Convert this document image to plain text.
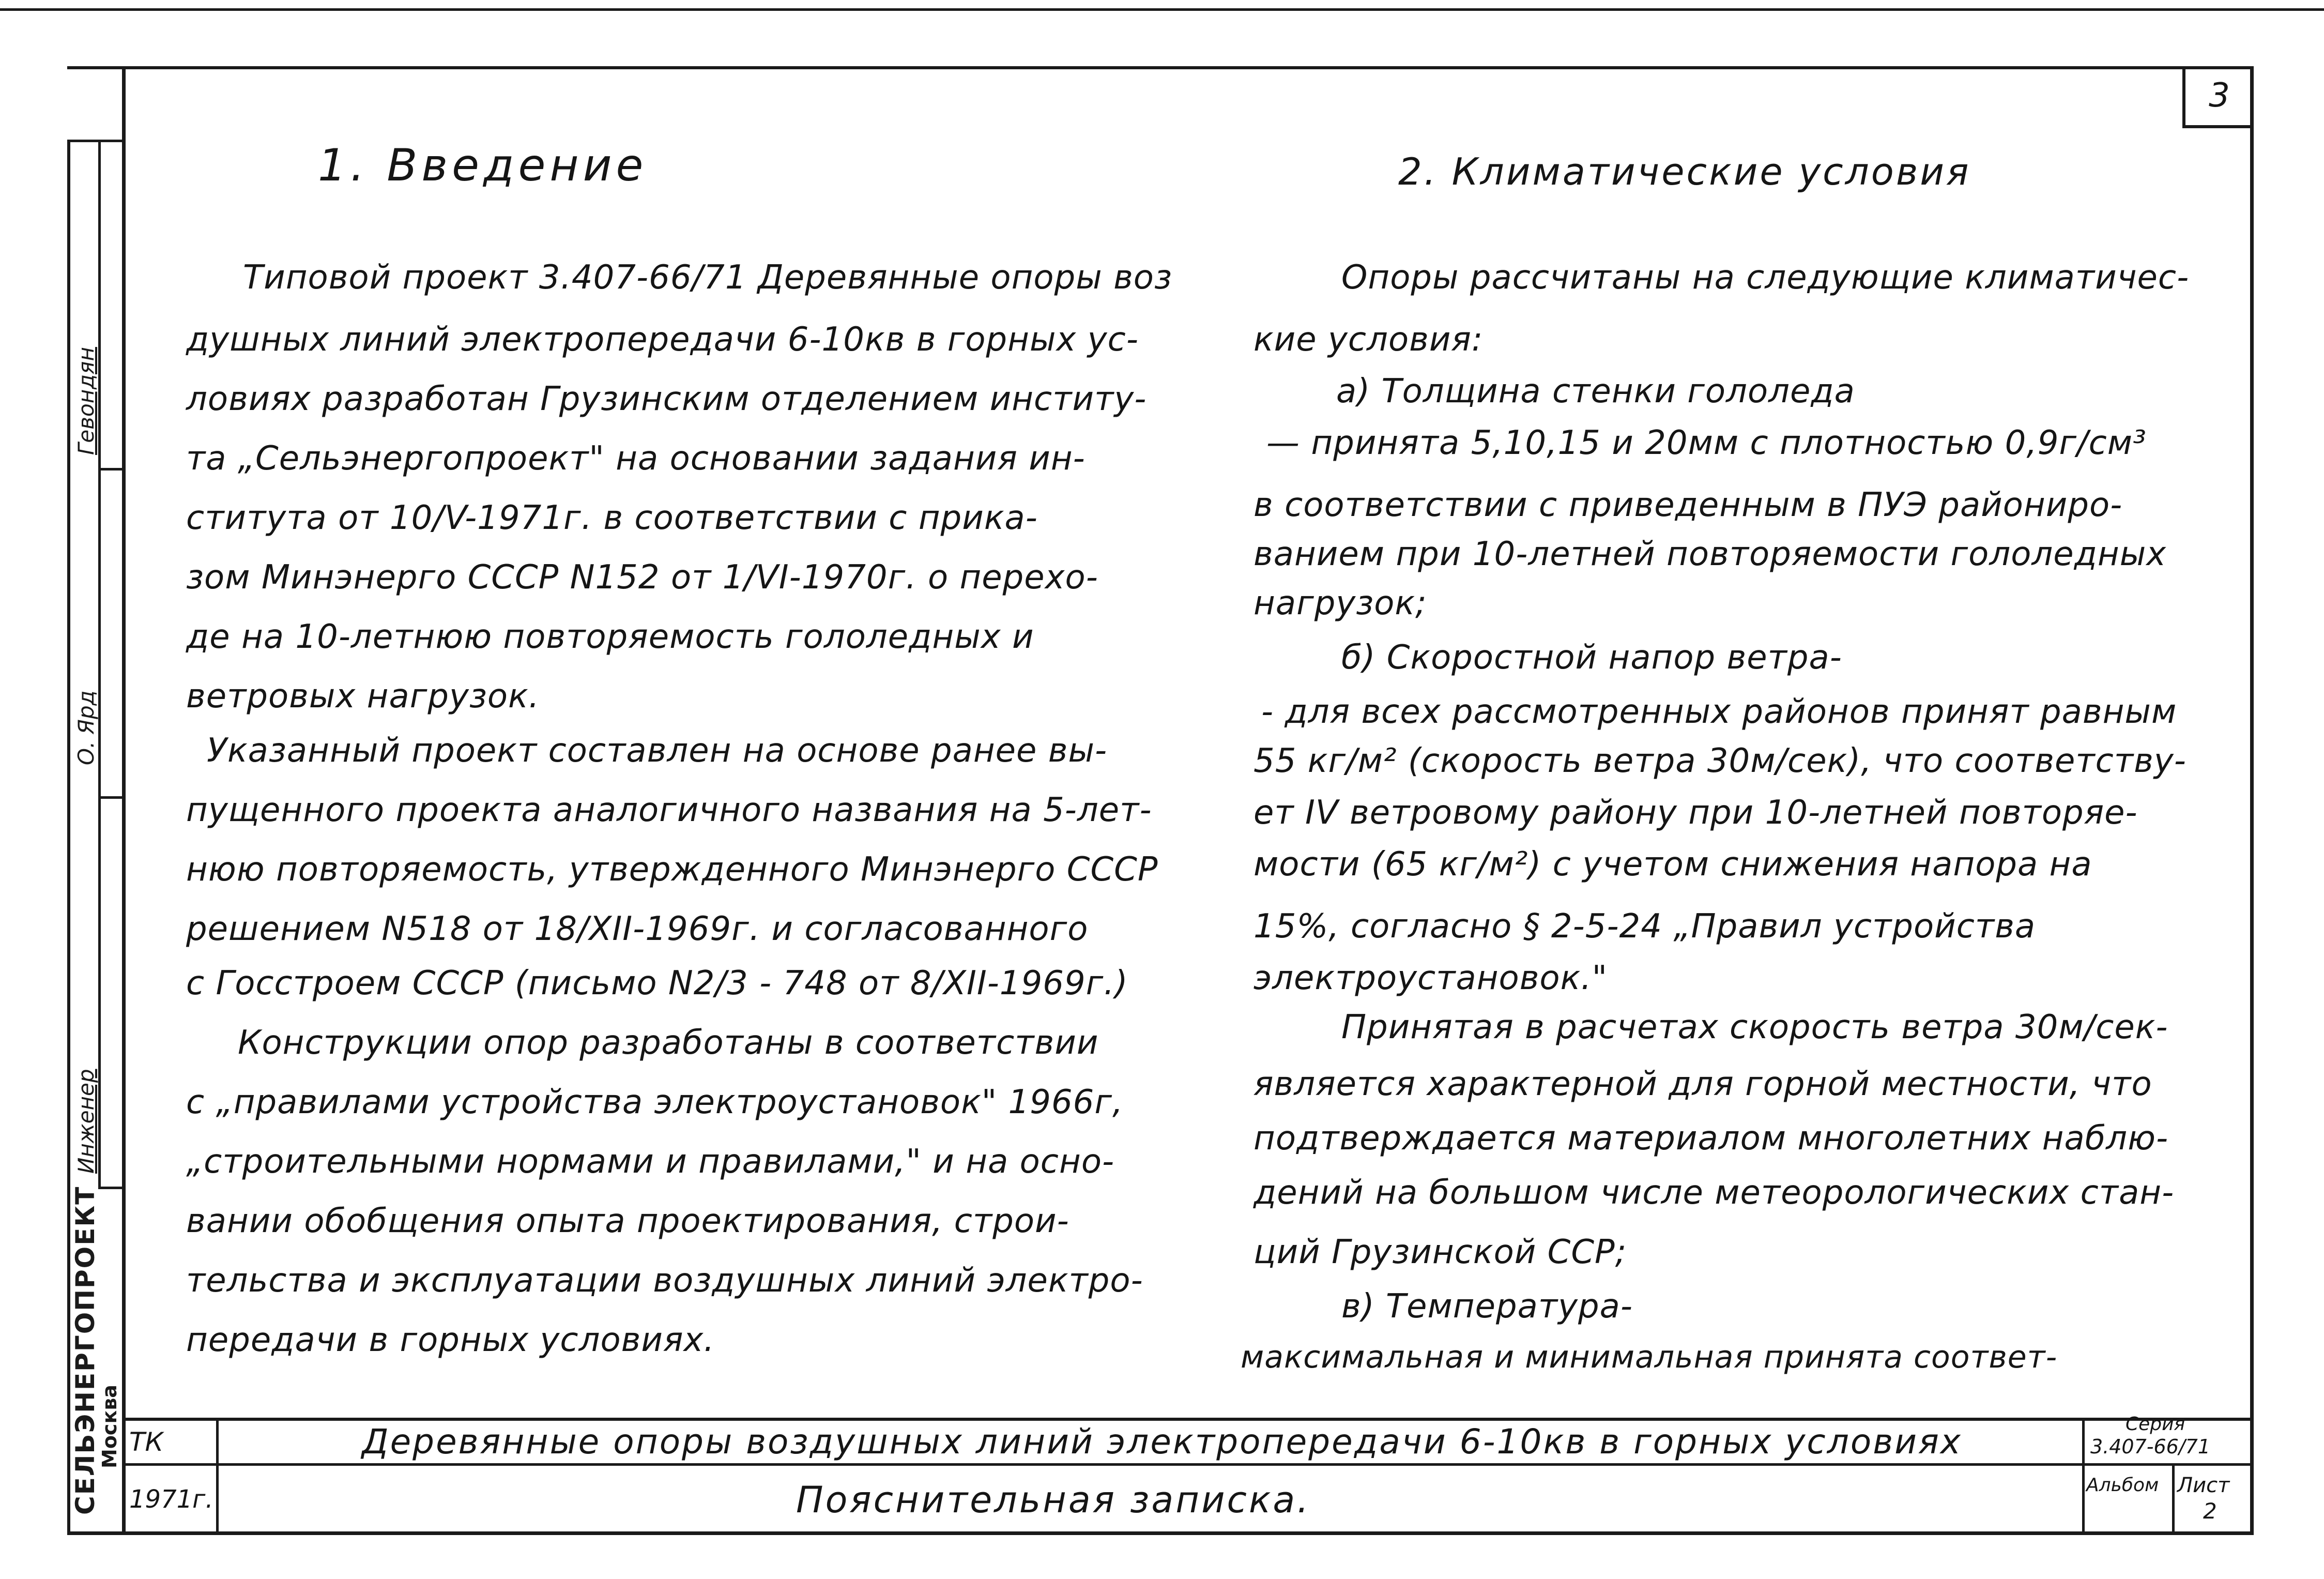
Гевондян
О. Ярд
Инженер
СЕЛЬЭНЕРГОПРОЕКТ
Москва
3
1. Введение	2. Климатические условия
Типовой проект 3.407-66/71 Деревянные опоры воз
душных линий электропередачи 6-10кв в горных ус-
ловиях разработан Грузинским отделением институ-
та „Сельэнергопроект" на основании задания ин-
ститута от 10/V-1971г. в соответствии с прика-
зом Минэнерго СССР N152 от 1/VI-1970г. о перехо-
де на 10-летнюю повторяемость гололедных и
ветровых нагрузок.
Указанный проект составлен на основе ранее вы-
пущенного проекта аналогичного названия на 5-лет-
нюю повторяемость, утвержденного Минэнерго СССР
решением N518 от 18/XII-1969г. и согласованного
с Госстроем СССР (письмо N2/3 - 748 от 8/XII-1969г.)
Конструкции опор разработаны в соответствии
с „правилами устройства электроустановок" 1966г,
„строительными нормами и правилами," и на осно-
вании обобщения опыта проектирования, строи-
тельства и эксплуатации воздушных линий электро-
передачи в горных условиях.
Опоры рассчитаны на следующие климатичес-
кие условия:
а) Толщина стенки гололеда
— принята 5,10,15 и 20мм с плотностью 0,9г/см³
в соответствии с приведенным в ПУЭ райониро-
ванием при 10-летней повторяемости гололедных
нагрузок;
б) Скоростной напор ветра-
- для всех рассмотренных районов принят равным
55 кг/м² (скорость ветра 30м/сек), что соответству-
ет IV ветровому району при 10-летней повторяе-
мости (65 кг/м²) с учетом снижения напора на
15%, согласно § 2-5-24 „Правил устройства
электроустановок."
Принятая в расчетах скорость ветра 30м/сек-
является характерной для горной местности, что
подтверждается материалом многолетних наблю-
дений на большом числе метеорологических стан-
ций Грузинской ССР;
в) Температура-
максимальная и минимальная принята соответ-
ТК
1971г.
Деревянные опоры воздушных линий электропередачи 6-10кв в горных условиях
Пояснительная записка.
Серия
3.407-66/71
Альбом Лист
2
